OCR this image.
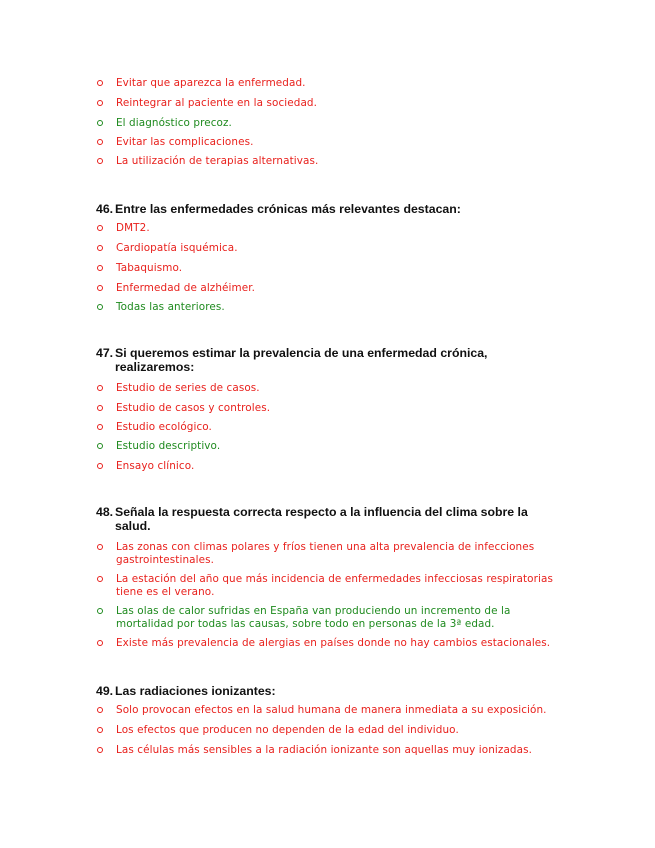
Evitar que aparezca la enfermedad.
Reintegrar al paciente en la sociedad.
El diagnóstico precoz.
Evitar las complicaciones.
La utilización de terapias alternativas.
46. Entre las enfermedades crónicas más relevantes destacan:
DMT2.
Cardiopatía isquémica.
Tabaquismo.
Enfermedad de alzhéimer.
Todas las anteriores.
47. Si queremos estimar la prevalencia de una enfermedad crónica, realizaremos:
Estudio de series de casos.
Estudio de casos y controles.
Estudio ecológico.
Estudio descriptivo.
Ensayo clínico.
48. Señala la respuesta correcta respecto a la influencia del clima sobre la salud.
Las zonas con climas polares y fríos tienen una alta prevalencia de infecciones gastrointestinales.
La estación del año que más incidencia de enfermedades infecciosas respiratorias tiene es el verano.
Las olas de calor sufridas en España van produciendo un incremento de la mortalidad por todas las causas, sobre todo en personas de la 3ª edad.
Existe más prevalencia de alergias en países donde no hay cambios estacionales.
49. Las radiaciones ionizantes:
Solo provocan efectos en la salud humana de manera inmediata a su exposición.
Los efectos que producen no dependen de la edad del individuo.
Las células más sensibles a la radiación ionizante son aquellas muy ionizadas.
